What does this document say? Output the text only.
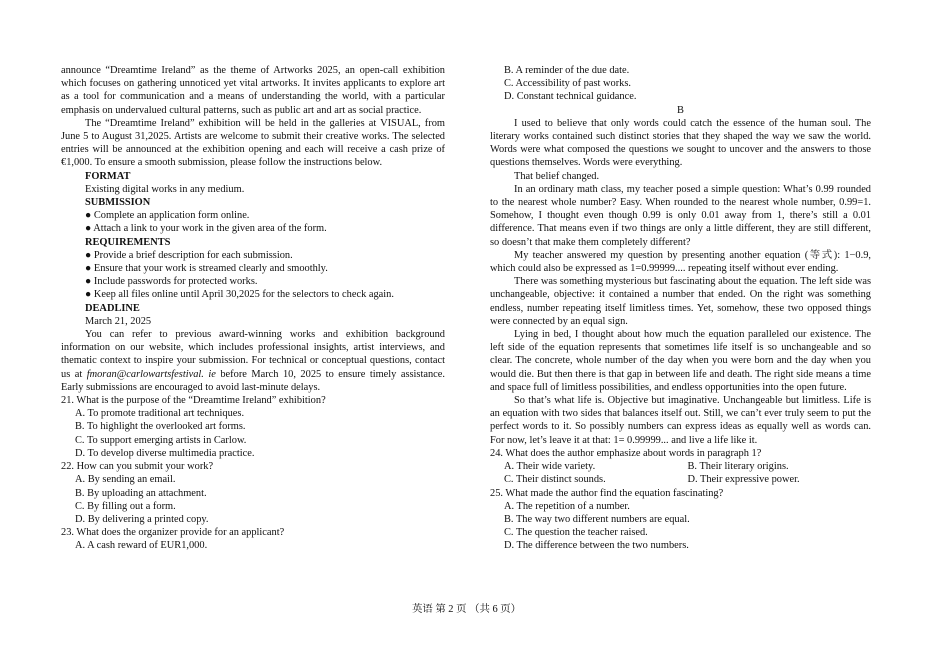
announce “Dreamtime Ireland” as the theme of Artworks 2025, an open-call exhibition which focuses on gathering unnoticed yet vital artworks. It invites applicants to explore art as a tool for communication and a means of understanding the world, with a particular emphasis on undervalued cultural patterns, such as public art and art as social practice.

The “Dreamtime Ireland” exhibition will be held in the galleries at VISUAL, from June 5 to August 31,2025. Artists are welcome to submit their creative works. The selected entries will be announced at the exhibition opening and each will receive a cash prize of €1,000. To ensure a smooth submission, please follow the instructions below.

FORMAT

Existing digital works in any medium.

SUBMISSION

● Complete an application form online.

● Attach a link to your work in the given area of the form.

REQUIREMENTS

● Provide a brief description for each submission.

● Ensure that your work is streamed clearly and smoothly.

● Include passwords for protected works.

● Keep all files online until April 30,2025 for the selectors to check again.

DEADLINE

March 21, 2025

You can refer to previous award-winning works and exhibition background information on our website, which includes professional insights, artist interviews, and thematic context to inspire your submission. For technical or conceptual questions, contact us at fmoran@carlowartsfestival. ie before March 10, 2025 to ensure timely assistance. Early submissions are encouraged to avoid last-minute delays.

21. What is the purpose of the “Dreamtime Ireland” exhibition?

A. To promote traditional art techniques.

B. To highlight the overlooked art forms.

C. To support emerging artists in Carlow.

D. To develop diverse multimedia practice.

22. How can you submit your work?

A. By sending an email.

B. By uploading an attachment.

C. By filling out a form.

D. By delivering a printed copy.

23. What does the organizer provide for an applicant?

A. A cash reward of EUR1,000.

B. A reminder of the due date.

C. Accessibility of past works.

D. Constant technical guidance.

B

I used to believe that only words could catch the essence of the human soul. The literary works contained such distinct stories that they shaped the way we saw the world. Words were what composed the questions we sought to uncover and the answers to those questions themselves. Words were everything.

That belief changed.

In an ordinary math class, my teacher posed a simple question: What’s 0.99 rounded to the nearest whole number? Easy. When rounded to the nearest whole number, 0.99=1. Somehow, I thought even though 0.99 is only 0.01 away from 1, there’s still a 0.01 difference. That means even if two things are only a little different, they are still different, so doesn’t that make them completely different?

My teacher answered my question by presenting another equation (等式): 1−0.9, which could also be expressed as 1=0.99999.... repeating itself without ever ending.

There was something mysterious but fascinating about the equation. The left side was unchangeable, objective: it contained a number that ended. On the right was something endless, number repeating itself limitless times. Yet, somehow, these two opposed things were connected by an equal sign.

Lying in bed, I thought about how much the equation paralleled our existence. The left side of the equation represents that sometimes life itself is so unchangeable and so clear. The concrete, whole number of the day when you were born and the day when you would die. But then there is that gap in between life and death. The right side means a time and space full of limitless possibilities, and endless opportunities into the open future.

So that’s what life is. Objective but imaginative. Unchangeable but limitless. Life is an equation with two sides that balances itself out. Still, we can’t ever truly seem to put the perfect words to it. So possibly numbers can express ideas as equally well as words can. For now, let’s leave it at that: 1= 0.99999... and live a life like it.

24. What does the author emphasize about words in paragraph 1?

A. Their wide variety.	B. Their literary origins.
C. Their distinct sounds.	D. Their expressive power.

25. What made the author find the equation fascinating?

A. The repetition of a number.

B. The way two different numbers are equal.

C. The question the teacher raised.

D. The difference between the two numbers.

英语 第 2 页 （共 6 页）
